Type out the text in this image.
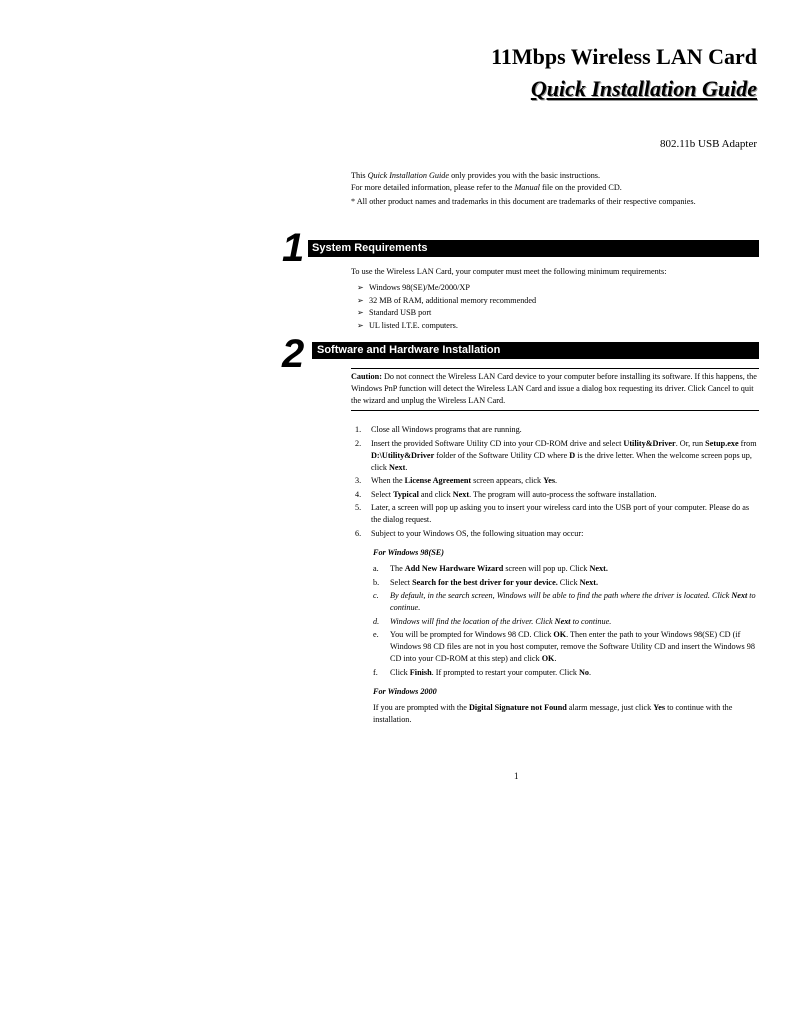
11Mbps Wireless LAN Card
Quick Installation Guide
802.11b USB Adapter
This Quick Installation Guide only provides you with the basic instructions.
For more detailed information, please refer to the Manual file on the provided CD.
* All other product names and trademarks in this document are trademarks of their respective companies.
1 System Requirements
To use the Wireless LAN Card, your computer must meet the following minimum requirements:
➢ Windows 98(SE)/Me/2000/XP
➢ 32 MB of RAM, additional memory recommended
➢ Standard USB port
➢ UL listed I.T.E. computers.
2	Software and Hardware Installation
Caution: Do not connect the Wireless LAN Card device to your computer before installing its software. If this happens, the Windows PnP function will detect the Wireless LAN Card and issue a dialog box requesting its driver. Click Cancel to quit the wizard and unplug the Wireless LAN Card.
1.	Close all Windows programs that are running.
2.	Insert the provided Software Utility CD into your CD-ROM drive and select Utility&Driver. Or, run Setup.exe from D:\Utility&Driver folder of the Software Utility CD where D is the drive letter. When the welcome screen pops up, click Next.
3.	When the License Agreement screen appears, click Yes.
4.	Select Typical and click Next. The program will auto-process the software installation.
5.	Later, a screen will pop up asking you to insert your wireless card into the USB port of your computer. Please do as the dialog request.
6.	Subject to your Windows OS, the following situation may occur:
For Windows 98(SE)
a.	The Add New Hardware Wizard screen will pop up. Click Next.
b.	Select Search for the best driver for your device. Click Next.
c.	By default, in the search screen, Windows will be able to find the path where the driver is located. Click Next to continue.
d.	Windows will find the location of the driver. Click Next to continue.
e.	You will be prompted for Windows 98 CD. Click OK. Then enter the path to your Windows 98(SE) CD (if Windows 98 CD files are not in you host computer, remove the Software Utility CD and insert the Windows 98 CD into your CD-ROM at this step) and click OK.
f.	Click Finish. If prompted to restart your computer. Click No.
For Windows 2000
If you are prompted with the Digital Signature not Found alarm message, just click Yes to continue with the installation.
1
